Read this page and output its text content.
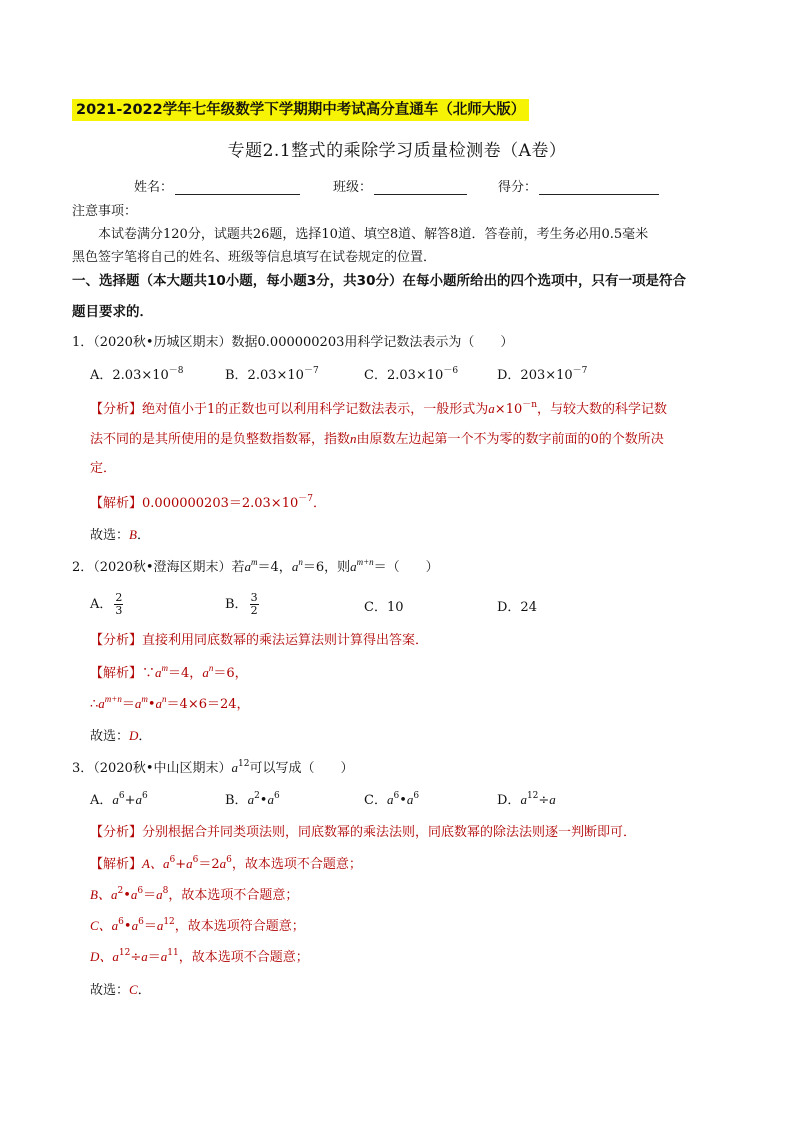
2021-2022学年七年级数学下学期期中考试高分直通车（北师大版）
专题2.1整式的乘除学习质量检测卷（A卷）
姓名：	班级：	得分：
注意事项：
本试卷满分120分，试题共26题，选择10道、填空8道、解答8道．答卷前，考生务必用0.5毫米
黑色签字笔将自己的姓名、班级等信息填写在试卷规定的位置．
一、选择题（本大题共10小题，每小题3分，共30分）在每小题所给出的四个选项中，只有一项是符合
题目要求的．
1．（2020秋•历城区期末）数据0.000000203用科学记数法表示为（　　）
A．$2.03\times 10^{-8}$	B．$2.03\times 10^{-7}$	C．$2.03\times 10^{-6}$	D．$203\times 10^{-7}$
【分析】绝对值小于1的正数也可以利用科学记数法表示，一般形式为$a\times 10^{-n}$，与较大数的科学记数
法不同的是其所使用的是负整数指数幂，指数n由原数左边起第一个不为零的数字前面的0的个数所决
定．
【解析】$0.000000203=2.03\times 10^{-7}$．
故选：B．
2．（2020秋•澄海区期末）若$a^m=4$，$a^n=6$，则$a^{m+n}=$（　　）
A． $\frac{2}{3}$	B． $\frac{3}{2}$	C．10	D．24
【分析】直接利用同底数幂的乘法运算法则计算得出答案．
【解析】$\because a^m=4$，$a^n=6$，
$\therefore a^{m+n}=a^m•a^n=4\times 6=24$，
故选：D．
3．（2020秋•中山区期末）$a^{12}$可以写成（　　）
A．$a^6+a^6$	B．$a^2•a^6$	C．$a^6•a^6$	D．$a^{12}\div a$
【分析】分别根据合并同类项法则，同底数幂的乘法法则，同底数幂的除法法则逐一判断即可．
【解析】A、$a^6+a^6=2a^6$，故本选项不合题意；
B、$a^2•a^6=a^8$，故本选项不合题意；
C、$a^6•a^6=a^{12}$，故本选项符合题意；
D、$a^{12}\div a=a^{11}$，故本选项不合题意；
故选：C．
